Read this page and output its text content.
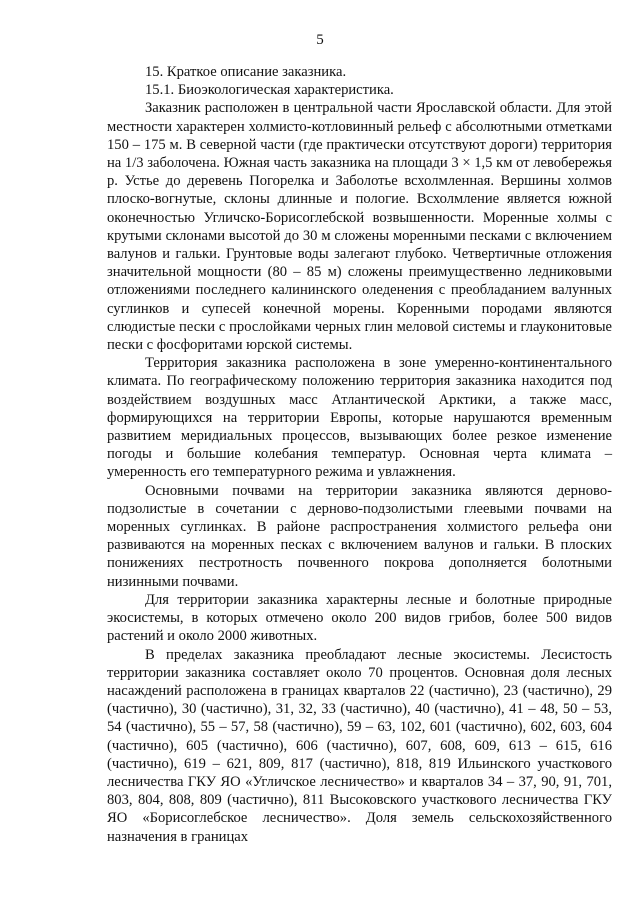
5

15. Краткое описание заказника.

15.1. Биоэкологическая характеристика.

Заказник расположен в центральной части Ярославской области. Для этой местности характерен холмисто-котловинный рельеф с абсолютными отметками 150 – 175 м. В северной части (где практически отсутствуют дороги) территория на 1/3 заболочена. Южная часть заказника на площади 3 × 1,5 км от левобережья р. Устье до деревень Погорелка и Заболотье всхолмленная. Вершины холмов плоско-вогнутые, склоны длинные и пологие. Всхолмление является южной оконечностью Угличско-Борисоглебской возвышенности. Моренные холмы с крутыми склонами высотой до 30 м сложены моренными песками с включением валунов и гальки. Грунтовые воды залегают глубоко. Четвертичные отложения значительной мощности (80 – 85 м) сложены преимущественно ледниковыми отложениями последнего калининского оледенения с преобладанием валунных суглинков и супесей конечной морены. Коренными породами являются слюдистые пески с прослойками черных глин меловой системы и глауконитовые пески с фосфоритами юрской системы.

Территория заказника расположена в зоне умеренно-континентального климата. По географическому положению территория заказника находится под воздействием воздушных масс Атлантической Арктики, а также масс, формирующихся на территории Европы, которые нарушаются временным развитием меридиальных процессов, вызывающих более резкое изменение погоды и большие колебания температур. Основная черта климата – умеренность его температурного режима и увлажнения.

Основными почвами на территории заказника являются дерново-подзолистые в сочетании с дерново-подзолистыми глеевыми почвами на моренных суглинках. В районе распространения холмистого рельефа они развиваются на моренных песках с включением валунов и гальки. В плоских понижениях пестротность почвенного покрова дополняется болотными низинными почвами.

Для территории заказника характерны лесные и болотные природные экосистемы, в которых отмечено около 200 видов грибов, более 500 видов растений и около 2000 животных.

В пределах заказника преобладают лесные экосистемы. Лесистость территории заказника составляет около 70 процентов. Основная доля лесных насаждений расположена в границах кварталов 22 (частично), 23 (частично), 29 (частично), 30 (частично), 31, 32, 33 (частично), 40 (частично), 41 – 48, 50 – 53, 54 (частично), 55 – 57, 58 (частично), 59 – 63, 102, 601 (частично), 602, 603, 604 (частично), 605 (частично), 606 (частично), 607, 608, 609, 613 – 615, 616 (частично), 619 – 621, 809, 817 (частично), 818, 819 Ильинского участкового лесничества ГКУ ЯО «Угличское лесничество» и кварталов 34 – 37, 90, 91, 701, 803, 804, 808, 809 (частично), 811 Высоковского участкового лесничества ГКУ ЯО «Борисоглебское лесничество». Доля земель сельскохозяйственного назначения в границах
